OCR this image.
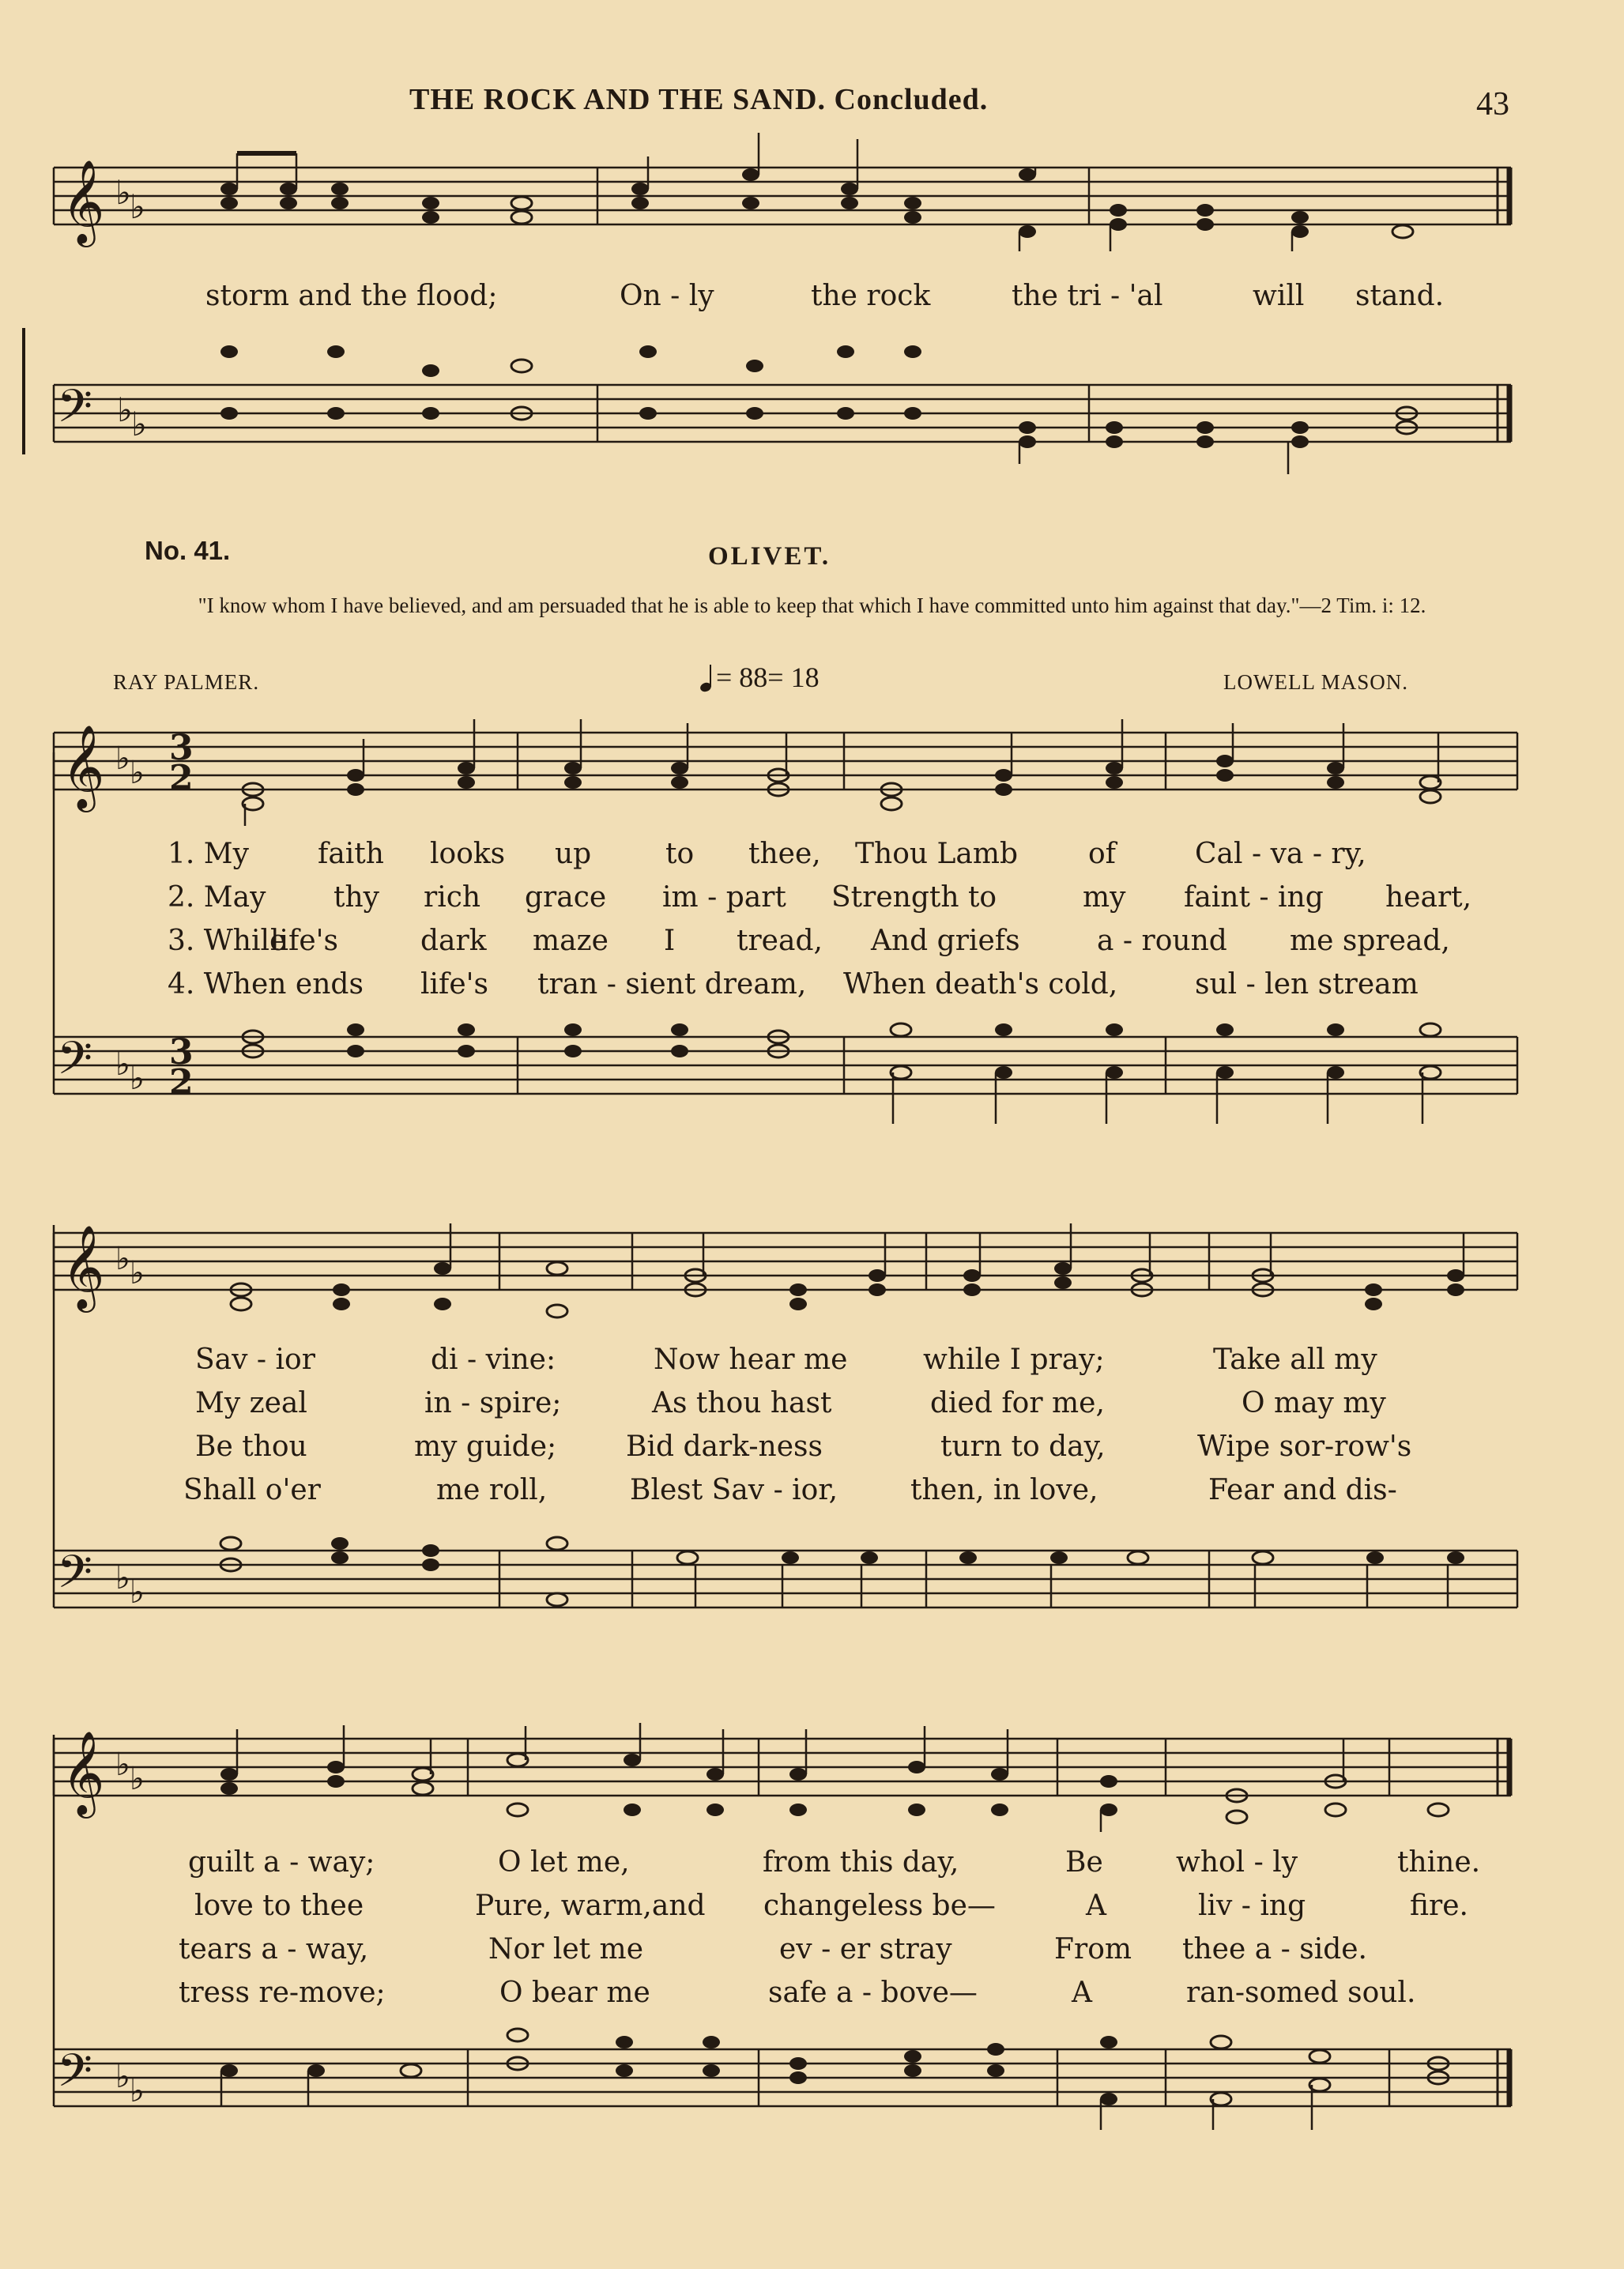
THE ROCK AND THE SAND. Concluded.	43
𝄞 ♭
♭
storm and the flood;	On - ly	the rock	the tri - 'al	will stand.
𝄢 ♭
♭
No. 41.	OLIVET.
"I know whom I have believed, and am persuaded that he is able to keep that which I have committed unto him against that day."—2 Tim. i: 12.
RAY PALMER.	= 88= 18	LOWELL MASON.
𝄞 ♭ ♭
3
2
1. My faith looks up	to thee, Thou Lamb of	Cal - va - ry,
2. May thy rich grace im - part Strength to	my faint - ing heart,
3. While
life's	dark maze I tread, And griefs	a - round me spread,
4. When ends life's tran - sient dream, When death's cold,	sul - len stream
𝄢 ♭ ♭
3
2
𝄞 ♭ ♭
Sav - ior	di - vine:	Now hear me	while I pray;	Take all my
My zeal	in - spire;	As thou hast	died for me,	O may my
Be thou	my guide; Bid dark-ness	turn to day,	Wipe sor-row's
Shall o'er	me roll,	Blest Sav - ior,	then, in love,	Fear and dis-
𝄢 ♭ ♭
𝄞 ♭ ♭
guilt a - way;	O let me,	from this day,	Be	whol - ly	thine.
love to thee	Pure, warm,and changeless be—	A	liv - ing	fire.
tears a - way,	Nor let me	ev - er stray	From thee a - side.
tress re-move;	O bear me	safe a - bove—	A	ran-somed soul.
𝄢 ♭ ♭
